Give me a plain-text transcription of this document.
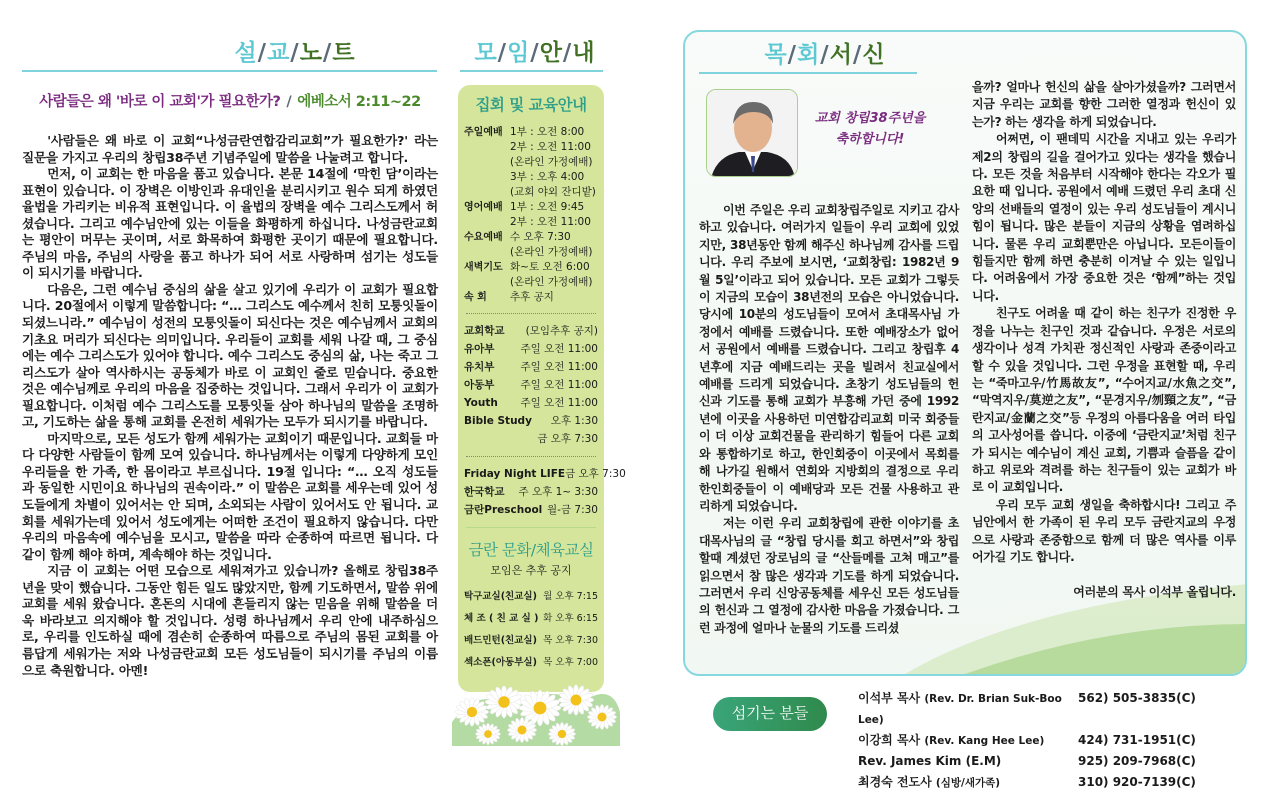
설/교/노/트	모/임/안/내
사람들은 왜 '바로 이 교회'가 필요한가? / 에베소서 2:11~22

'사람들은 왜 바로 이 교회“나성금란연합감리교회”가 필요한가?' 라는 질문을 가지고 우리의 창립38주년 기념주일에 말씀을 나눌려고 합니다.

먼저, 이 교회는 한 마음을 품고 있습니다. 본문 14절에 ‘막힌 담’이라는 표현이 있습니다. 이 장벽은 이방인과 유대인을 분리시키고 원수 되게 하였던 율법을 가리키는 비유적 표현입니다. 이 율법의 장벽을 예수 그리스도께서 허셨습니다. 그리고 예수님안에 있는 이들을 화평하게 하십니다. 나성금란교회는 평안이 머무는 곳이며, 서로 화목하여 화평한 곳이기 때문에 필요합니다. 주님의 마음, 주님의 사랑을 품고 하나가 되어 서로 사랑하며 섬기는 성도들이 되시기를 바랍니다.

다음은, 그런 예수님 중심의 삶을 살고 있기에 우리가 이 교회가 필요합니다. 20절에서 이렇게 말씀합니다: “… 그리스도 예수께서 친히 모퉁잇돌이 되셨느니라.” 예수님이 성전의 모퉁잇돌이 되신다는 것은 예수님께서 교회의 기초요 머리가 되신다는 의미입니다. 우리들이 교회를 세워 나갈 때, 그 중심에는 예수 그리스도가 있어야 합니다. 예수 그리스도 중심의 삶, 나는 죽고 그리스도가 살아 역사하시는 공동체가 바로 이 교회인 줄로 믿습니다. 중요한 것은 예수님께로 우리의 마음을 집중하는 것입니다. 그래서 우리가 이 교회가 필요합니다. 이처럼 예수 그리스도를 모퉁잇돌 삼아 하나님의 말씀을 조명하고, 기도하는 삶을 통해 교회를 온전히 세워가는 모두가 되시기를 바랍니다.

마지막으로, 모든 성도가 함께 세워가는 교회이기 때문입니다. 교회들 마다 다양한 사람들이 함께 모여 있습니다. 하나님께서는 이렇게 다양하게 모인 우리들을 한 가족, 한 몸이라고 부르십니다. 19절 입니다: “… 오직 성도들과 동일한 시민이요 하나님의 권속이라.” 이 말씀은 교회를 세우는데 있어 성도들에게 차별이 있어서는 안 되며, 소외되는 사람이 있어서도 안 됩니다. 교회를 세워가는데 있어서 성도에게는 어떠한 조건이 필요하지 않습니다. 다만 우리의 마음속에 예수님을 모시고, 말씀을 따라 순종하여 따르면 됩니다. 다같이 함께 해야 하며, 계속해야 하는 것입니다.

지금 이 교회는 어떤 모습으로 세워져가고 있습니까? 올해로 창립38주년을 맞이 했습니다. 그동안 힘든 일도 많았지만, 함께 기도하면서, 말씀 위에 교회를 세워 왔습니다. 혼돈의 시대에 흔들리지 않는 믿음을 위해 말씀을 더욱 바라보고 의지해야 할 것입니다. 성령 하나님께서 우리 안에 내주하심으로, 우리를 인도하실 때에 겸손히 순종하여 따름으로 주님의 몸된 교회를 아름답게 세워가는 저와 나성금란교회 모든 성도님들이 되시기를 주님의 이름으로 축원합니다. 아멘!

집회 및 교육안내
주일예배 1부 : 오전 8:00
2부 : 오전 11:00
(온라인 가정예배)
3부 : 오후 4:00
(교회 야외 잔디밭)
영어예배 1부 : 오전 9:45
2부 : 오전 11:00
수요예배 수 오후 7:30
(온라인 가정예배)
새벽기도 화~토 오전 6:00
(온라인 가정예배)
속 회	추후 공지
교회학교 (모임추후 공지)
유아부 주일 오전 11:00
유치부 주일 오전 11:00
아동부 주일 오전 11:00
Youth 주일 오전 11:00
Bible Study 오후 1:30
금 오후 7:30
Friday Night LIFE 금 오후 7:30
한국학교 주 오후 1~ 3:30
금란Preschool 월-금 7:30
금란 문화/체육교실
모임은 추후 공지
탁구교실(친교실) 월 오후 7:15
체 조 ( 친 교 실 ) 화 오후 6:15
배드민턴(친교실) 목 오후 7:30
섹소폰(아동부실) 목 오후 7:00
목/회/서/신
교회 창립38주년을
축하합니다!

이번 주일은 우리 교회창립주일로 지키고 감사하고 있습니다. 여러가지 일들이 우리 교회에 있었지만, 38년동안 함께 해주신 하나님께 감사를 드립니다. 우리 주보에 보시면, ‘교회창립: 1982년 9월 5일’이라고 되어 있습니다. 모든 교회가 그렇듯이 지금의 모습이 38년전의 모습은 아니었습니다. 당시에 10분의 성도님들이 모여서 초대목사님 가정에서 예배를 드렸습니다. 또한 예배장소가 없어서 공원에서 예배를 드렸습니다. 그리고 창립후 4년후에 지금 예배드리는 곳을 빌려서 친교실에서 예배를 드리게 되었습니다. 초창기 성도님들의 헌신과 기도를 통해 교회가 부흥해 가던 중에 1992년에 이곳을 사용하던 미연합감리교회 미국 회중들이 더 이상 교회건물을 관리하기 힘들어 다른 교회와 통합하기로 하고, 한인회중이 이곳에서 목회를 해 나가길 원해서 연회와 지방회의 결정으로 우리 한인회중들이 이 예배당과 모든 건물 사용하고 관리하게 되었습니다.

저는 이런 우리 교회창립에 관한 이야기를 초대목사님의 글 “창립 당시를 회고 하면서”와 창립할때 계셨던 장로님의 글 “산들메를 고쳐 매고”를 읽으면서 참 많은 생각과 기도를 하게 되었습니다. 그러면서 우리 신앙공동체를 세우신 모든 성도님들의 헌신과 그 열정에 감사한 마음을 가졌습니다. 그런 과정에 얼마나 눈물의 기도를 드리셨

을까? 얼마나 헌신의 삶을 살아가셨을까? 그러면서 지금 우리는 교회를 향한 그러한 열정과 헌신이 있는가? 하는 생각을 하게 되었습니다.

어쩌면, 이 팬데믹 시간을 지내고 있는 우리가 제2의 창립의 길을 걸어가고 있다는 생각을 했습니다. 모든 것을 처음부터 시작해야 한다는 각오가 필요한 때 입니다. 공원에서 예배 드렸던 우리 초대 신앙의 선배들의 열정이 있는 우리 성도님들이 계시니 힘이 됩니다. 많은 분들이 지금의 상황을 염려하십니다. 물론 우리 교회뿐만은 아닙니다. 모든이들이 힘들지만 함께 하면 충분히 이겨날 수 있는 일입니다. 어려움에서 가장 중요한 것은 ‘함께”하는 것입니다.

친구도 어려울 때 같이 하는 친구가 진정한 우정을 나누는 친구인 것과 같습니다. 우정은 서로의 생각이나 성격 가치관 정신적인 사랑과 존중이라고 할 수 있을 것입니다. 그런 우정을 표현할 때, 우리는 “죽마고우/竹馬故友”, “수어지교/水魚之交”, “막역지우/莫逆之友”, “문경지우/刎頸之友”, “금란지교/金蘭之交”등 우정의 아름다움을 여러 타입의 고사성어를 씁니다. 이중에 ‘금란지교’처럼 친구가 되시는 예수님이 계신 교회, 기쁨과 슬픔을 같이 하고 위로와 격려를 하는 친구들이 있는 교회가 바로 이 교회입니다.

우리 모두 교회 생일을 축하합시다! 그리고 주님안에서 한 가족이 된 우리 모두 금란지교의 우정으로 사랑과 존중함으로 함께 더 많은 역사를 이루어가길 기도 합니다.

여러분의 목사 이석부 올립니다.
섬기는 분들
이석부 목사 (Rev. Dr. Brian Suk-Boo Lee)
562) 505-3835(C)
이강희 목사 (Rev. Kang Hee Lee)	424) 731-1951(C)
Rev. James Kim (E.M)	925) 209-7968(C)
최경숙 전도사 (심방/새가족)	310) 920-7139(C)
